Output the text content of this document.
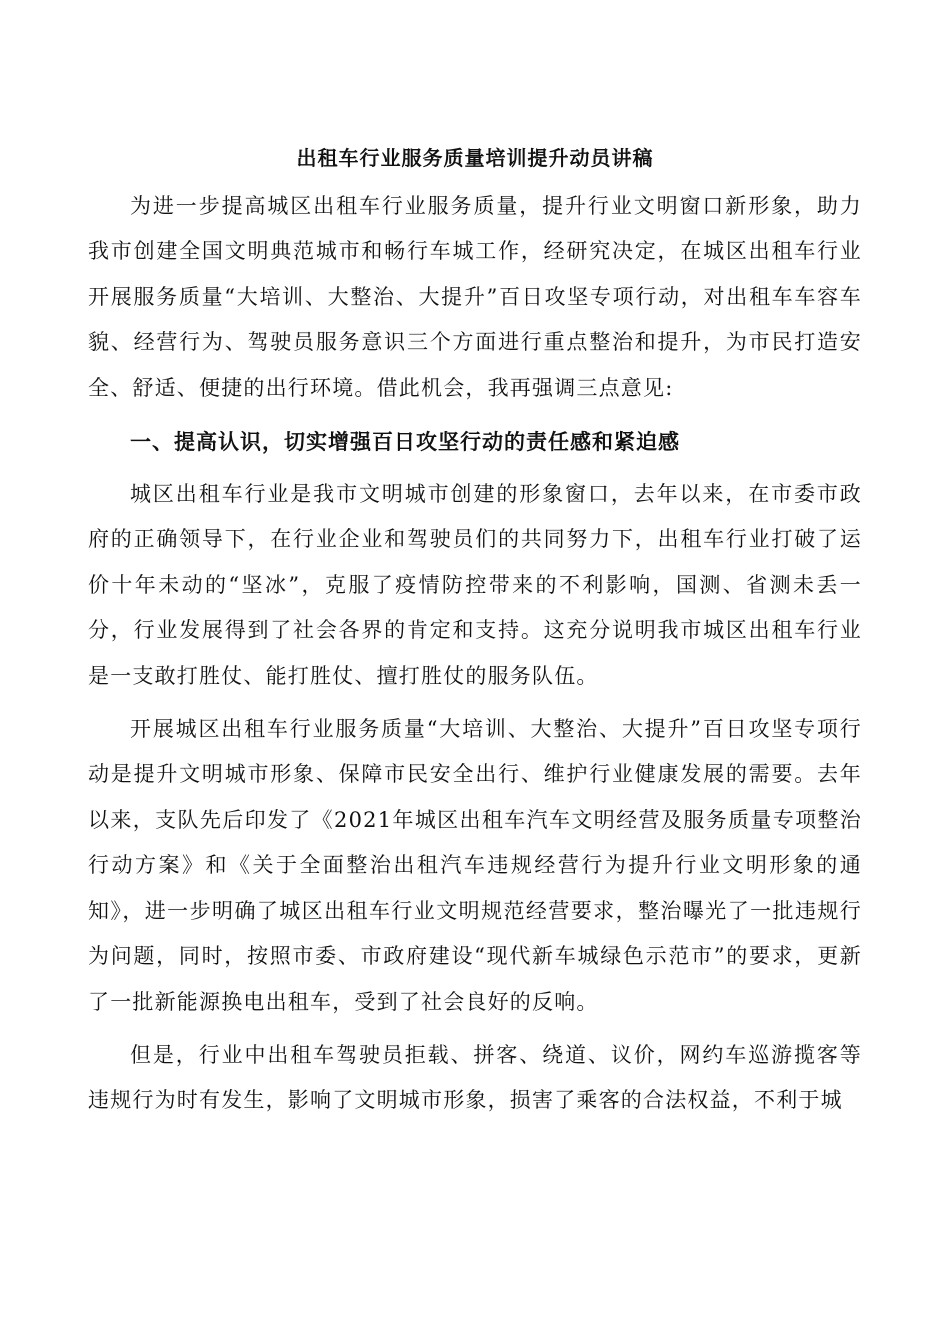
出租车行业服务质量培训提升动员讲稿

为进一步提高城区出租车行业服务质量，提升行业文明窗口新形象，助力我市创建全国文明典范城市和畅行车城工作，经研究决定，在城区出租车行业开展服务质量“大培训、大整治、大提升”百日攻坚专项行动，对出租车车容车貌、经营行为、驾驶员服务意识三个方面进行重点整治和提升，为市民打造安全、舒适、便捷的出行环境。借此机会，我再强调三点意见:

一、提高认识，切实增强百日攻坚行动的责任感和紧迫感

城区出租车行业是我市文明城市创建的形象窗口，去年以来，在市委市政府的正确领导下，在行业企业和驾驶员们的共同努力下，出租车行业打破了运价十年未动的“坚冰”，克服了疫情防控带来的不利影响，国测、省测未丢一分，行业发展得到了社会各界的肯定和支持。这充分说明我市城区出租车行业是一支敢打胜仗、能打胜仗、擅打胜仗的服务队伍。

开展城区出租车行业服务质量“大培训、大整治、大提升”百日攻坚专项行动是提升文明城市形象、保障市民安全出行、维护行业健康发展的需要。去年以来，支队先后印发了《2021年城区出租车汽车文明经营及服务质量专项整治行动方案》和《关于全面整治出租汽车违规经营行为提升行业文明形象的通知》，进一步明确了城区出租车行业文明规范经营要求，整治曝光了一批违规行为问题，同时，按照市委、市政府建设“现代新车城绿色示范市”的要求，更新了一批新能源换电出租车，受到了社会良好的反响。

但是，行业中出租车驾驶员拒载、拼客、绕道、议价，网约车巡游揽客等违规行为时有发生，影响了文明城市形象，损害了乘客的合法权益，不利于城
